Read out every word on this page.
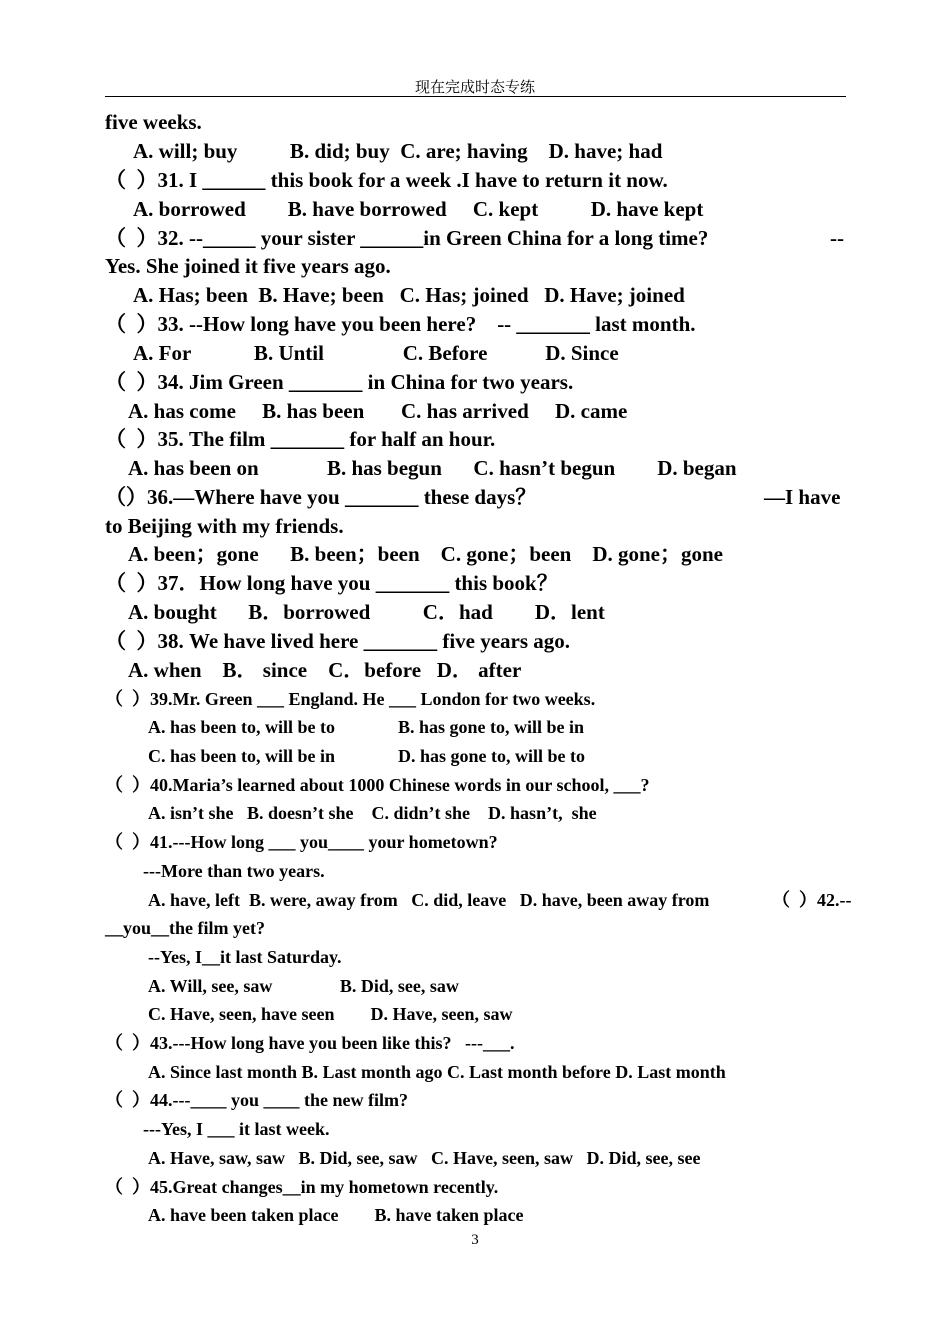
现在完成时态专练
five weeks.
A. will; buy          B. did; buy  C. are; having    D. have; had
（  ）31. I ______ this book for a week .I have to return it now.
A. borrowed        B. have borrowed     C. kept          D. have kept
（  ）32. --_____ your sister ______in Green China for a long time?	--
Yes. She joined it five years ago.
A. Has; been  B. Have; been   C. Has; joined   D. Have; joined
（  ）33. --How long have you been here?    -- _______ last month.
A. For            B. Until               C. Before           D. Since
（  ）34. Jim Green _______ in China for two years.
A. has come     B. has been       C. has arrived     D. came
（  ）35. The film _______ for half an hour.
A. has been on             B. has begun      C. hasn’t begun        D. began
（）36.—Where have you _______ these days？	—I have
to Beijing with my friends.
A. been；gone      B. been；been    C. gone；been    D. gone；gone
（  ）37．How long have you _______ this book？
A. bought      B．borrowed          C．had        D．lent
（  ）38. We have lived here _______ five years ago.
A. when    B． since    C．before   D． after
（  ）39.Mr. Green ___ England. He ___ London for two weeks.
A. has been to, will be to              B. has gone to, will be in
C. has been to, will be in              D. has gone to, will be to
（  ）40.Maria’s learned about 1000 Chinese words in our school, ___?
A. isn’t she   B. doesn’t she    C. didn’t she    D. hasn’t,  she
（  ）41.---How long ___ you____ your hometown?
---More than two years.
A. have, left  B. were, away from   C. did, leave   D. have, been away from	（  ）42.--
__you__the film yet?
--Yes, I__it last Saturday.
A. Will, see, saw               B. Did, see, saw
C. Have, seen, have seen        D. Have, seen, saw
（  ）43.---How long have you been like this?   ---___.
A. Since last month B. Last month ago C. Last month before D. Last month
（  ）44.---____ you ____ the new film?
---Yes, I ___ it last week.
A. Have, saw, saw   B. Did, see, saw   C. Have, seen, saw   D. Did, see, see
（  ）45.Great changes__in my hometown recently.
A. have been taken place        B. have taken place
3
